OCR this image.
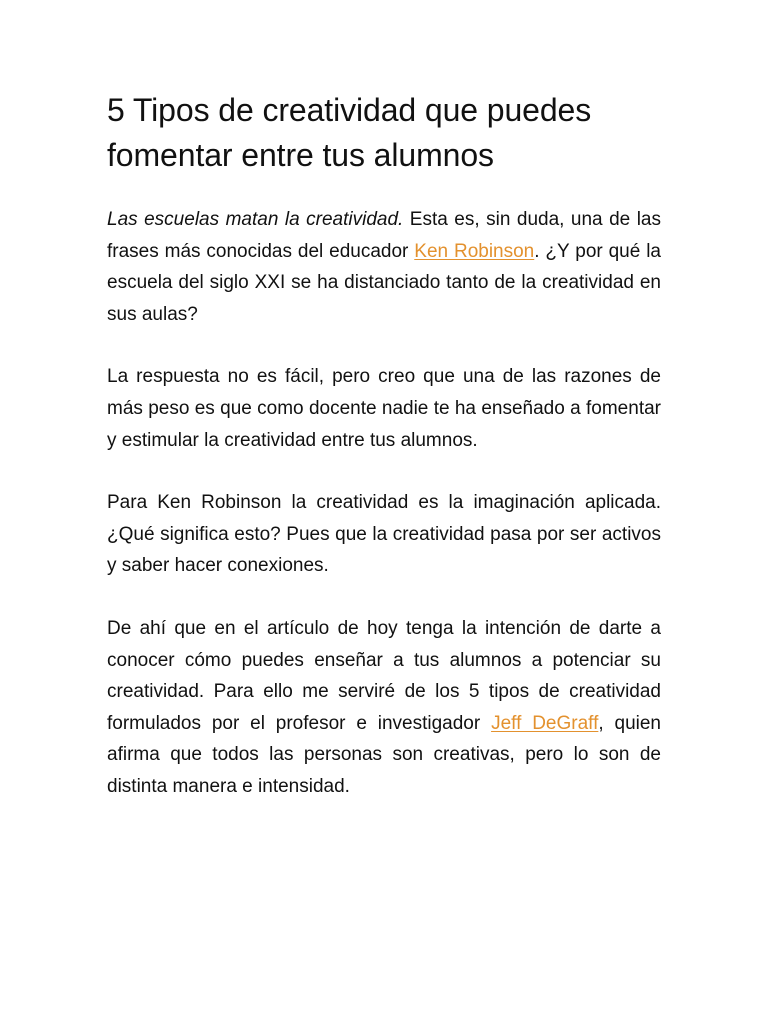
5 Tipos de creatividad que puedes fomentar entre tus alumnos

Las escuelas matan la creatividad. Esta es, sin duda, una de las frases más conocidas del educador Ken Robinson. ¿Y por qué la escuela del siglo XXI se ha distanciado tanto de la creatividad en sus aulas?

La respuesta no es fácil, pero creo que una de las razones de más peso es que como docente nadie te ha enseñado a fomentar y estimular la creatividad entre tus alumnos.

Para Ken Robinson la creatividad es la imaginación aplicada. ¿Qué significa esto? Pues que la creatividad pasa por ser activos y saber hacer conexiones.

De ahí que en el artículo de hoy tenga la intención de darte a conocer cómo puedes enseñar a tus alumnos a potenciar su creatividad. Para ello me serviré de los 5 tipos de creatividad formulados por el profesor e investigador Jeff DeGraff, quien afirma que todos las personas son creativas, pero lo son de distinta manera e intensidad.
